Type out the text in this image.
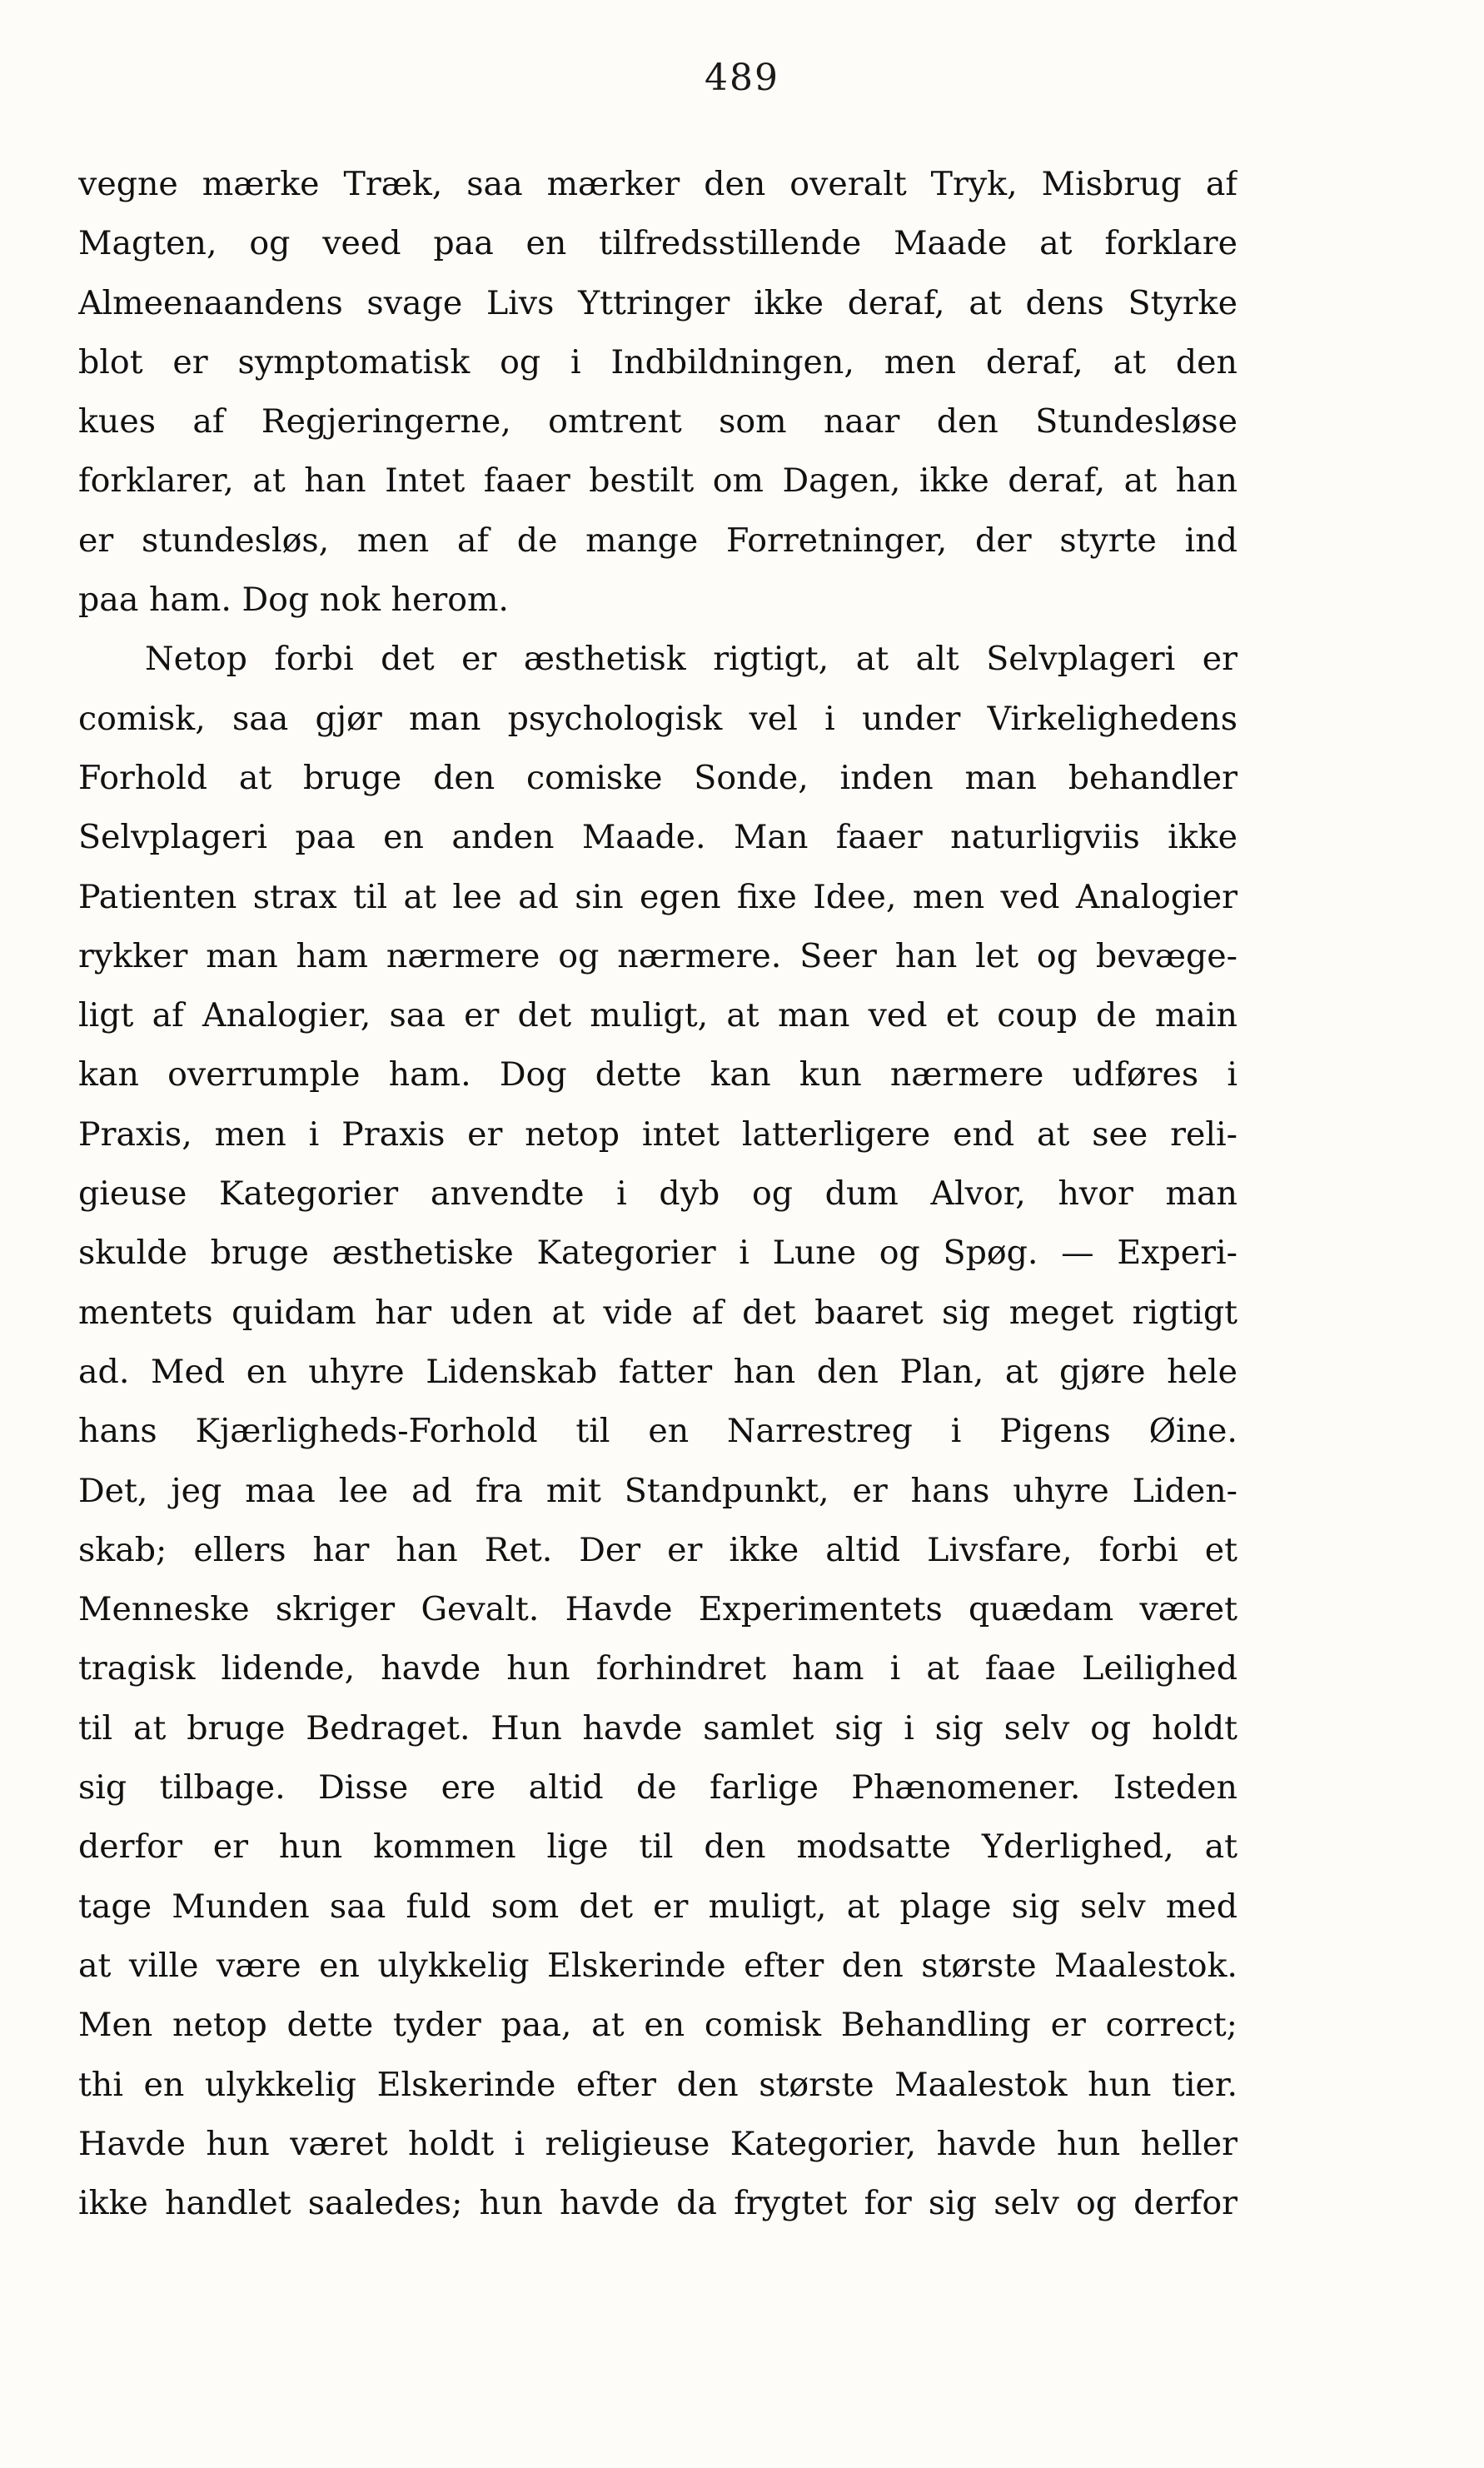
489
vegne mærke Træk, saa mærker den overalt Tryk, Misbrug af
Magten, og veed paa en tilfredsstillende Maade at forklare
Almeenaandens svage Livs Yttringer ikke deraf, at dens Styrke
blot er symptomatisk og i Indbildningen, men deraf, at den
kues af Regjeringerne, omtrent som naar den Stundesløse
forklarer, at han Intet faaer bestilt om Dagen, ikke deraf, at han
er stundesløs, men af de mange Forretninger, der styrte ind
paa ham. Dog nok herom.
Netop forbi det er æsthetisk rigtigt, at alt Selvplageri er
comisk, saa gjør man psychologisk vel i under Virkelighedens
Forhold at bruge den comiske Sonde, inden man behandler
Selvplageri paa en anden Maade. Man faaer naturligviis ikke
Patienten strax til at lee ad sin egen fixe Idee, men ved Analogier
rykker man ham nærmere og nærmere. Seer han let og bevæge-
ligt af Analogier, saa er det muligt, at man ved et coup de main
kan overrumple ham. Dog dette kan kun nærmere udføres i
Praxis, men i Praxis er netop intet latterligere end at see reli-
gieuse Kategorier anvendte i dyb og dum Alvor, hvor man
skulde bruge æsthetiske Kategorier i Lune og Spøg. — Experi-
mentets quidam har uden at vide af det baaret sig meget rigtigt
ad. Med en uhyre Lidenskab fatter han den Plan, at gjøre hele
hans Kjærligheds-Forhold til en Narrestreg i Pigens Øine.
Det, jeg maa lee ad fra mit Standpunkt, er hans uhyre Liden-
skab; ellers har han Ret. Der er ikke altid Livsfare, forbi et
Menneske skriger Gevalt. Havde Experimentets quædam været
tragisk lidende, havde hun forhindret ham i at faae Leilighed
til at bruge Bedraget. Hun havde samlet sig i sig selv og holdt
sig tilbage. Disse ere altid de farlige Phænomener. Isteden
derfor er hun kommen lige til den modsatte Yderlighed, at
tage Munden saa fuld som det er muligt, at plage sig selv med
at ville være en ulykkelig Elskerinde efter den største Maalestok.
Men netop dette tyder paa, at en comisk Behandling er correct;
thi en ulykkelig Elskerinde efter den største Maalestok hun tier.
Havde hun været holdt i religieuse Kategorier, havde hun heller
ikke handlet saaledes; hun havde da frygtet for sig selv og derfor
